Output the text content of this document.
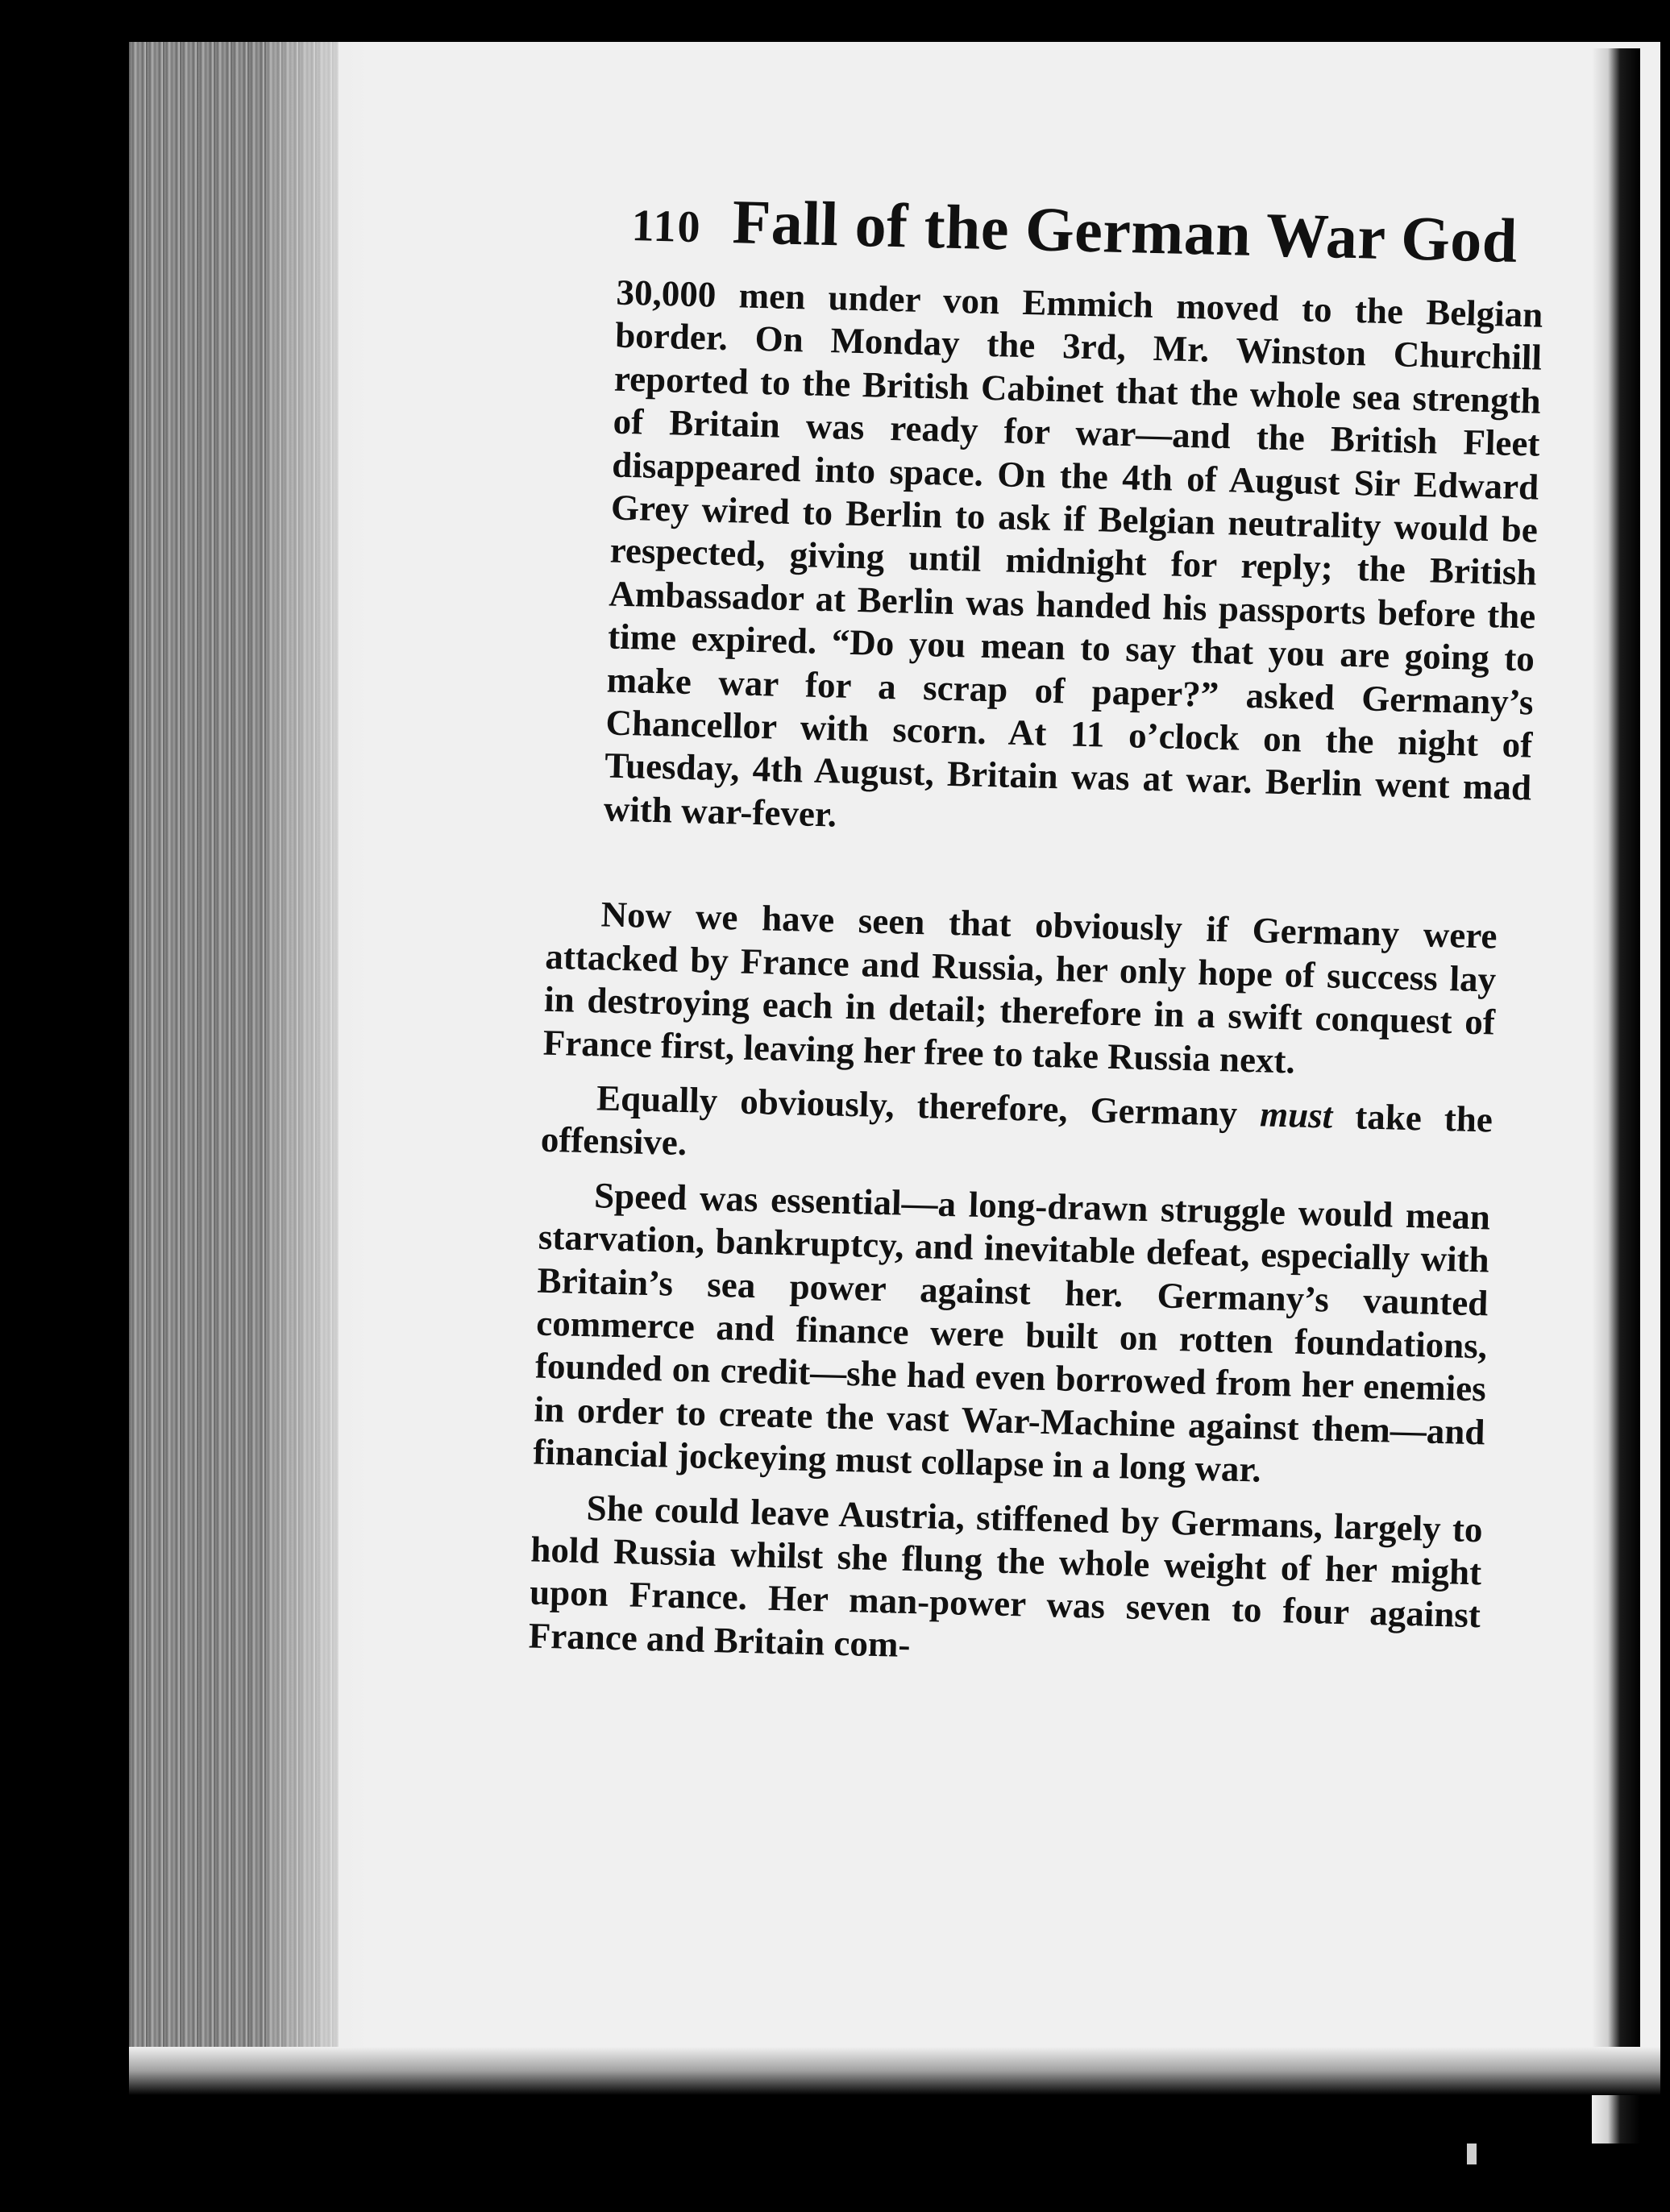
110 Fall of the German War God

30,000 men under von Emmich moved to the Belgian border. On Monday the 3rd, Mr. Winston Churchill reported to the British Cabinet that the whole sea strength of Britain was ready for war—and the British Fleet disappeared into space. On the 4th of August Sir Edward Grey wired to Berlin to ask if Belgian neutrality would be respected, giving until midnight for reply; the British Ambassador at Berlin was handed his passports before the time expired. “Do you mean to say that you are going to make war for a scrap of paper?” asked Germany’s Chancellor with scorn. At 11 o’clock on the night of Tuesday, 4th August, Britain was at war. Berlin went mad with war-fever.

Now we have seen that obviously if Germany were attacked by France and Russia, her only hope of success lay in destroying each in detail; therefore in a swift conquest of France first, leaving her free to take Russia next.

Equally obviously, therefore, Germany must take the offensive.

Speed was essential—a long-drawn struggle would mean starvation, bankruptcy, and inevitable defeat, especially with Britain’s sea power against her. Germany’s vaunted commerce and finance were built on rotten foundations, founded on credit—she had even borrowed from her enemies in order to create the vast War-Machine against them—and financial jockeying must collapse in a long war.

She could leave Austria, stiffened by Germans, largely to hold Russia whilst she flung the whole weight of her might upon France. Her man-power was seven to four against France and Britain com-
